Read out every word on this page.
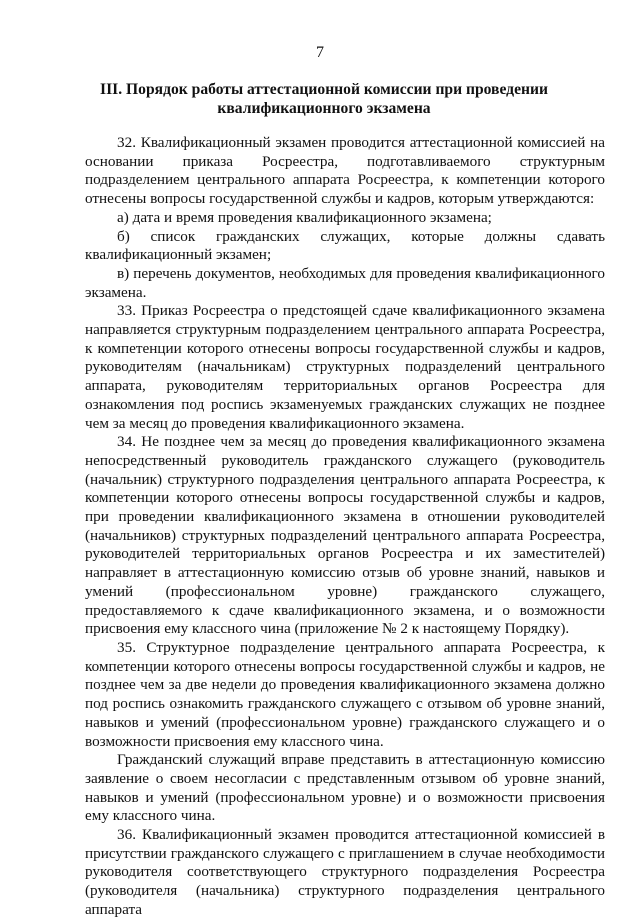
7
III. Порядок работы аттестационной комиссии при проведении
квалификационного экзамена

32. Квалификационный экзамен проводится аттестационной комиссией на основании приказа Росреестра, подготавливаемого структурным подразделением центрального аппарата Росреестра, к компетенции которого отнесены вопросы государственной службы и кадров, которым утверждаются:

а) дата и время проведения квалификационного экзамена;

б) список гражданских служащих, которые должны сдавать квалификационный экзамен;

в) перечень документов, необходимых для проведения квалификационного экзамена.

33. Приказ Росреестра о предстоящей сдаче квалификационного экзамена направляется структурным подразделением центрального аппарата Росреестра, к компетенции которого отнесены вопросы государственной службы и кадров, руководителям (начальникам) структурных подразделений центрального аппарата, руководителям территориальных органов Росреестра для ознакомления под роспись экзаменуемых гражданских служащих не позднее чем за месяц до проведения квалификационного экзамена.

34. Не позднее чем за месяц до проведения квалификационного экзамена непосредственный руководитель гражданского служащего (руководитель (начальник) структурного подразделения центрального аппарата Росреестра, к компетенции которого отнесены вопросы государственной службы и кадров, при проведении квалификационного экзамена в отношении руководителей (начальников) структурных подразделений центрального аппарата Росреестра, руководителей территориальных органов Росреестра и их заместителей) направляет в аттестационную комиссию отзыв об уровне знаний, навыков и умений (профессиональном уровне) гражданского служащего, предоставляемого к сдаче квалификационного экзамена, и о возможности присвоения ему классного чина (приложение № 2 к настоящему Порядку).

35. Структурное подразделение центрального аппарата Росреестра, к компетенции которого отнесены вопросы государственной службы и кадров, не позднее чем за две недели до проведения квалификационного экзамена должно под роспись ознакомить гражданского служащего с отзывом об уровне знаний, навыков и умений (профессиональном уровне) гражданского служащего и о возможности присвоения ему классного чина.

Гражданский служащий вправе представить в аттестационную комиссию заявление о своем несогласии с представленным отзывом об уровне знаний, навыков и умений (профессиональном уровне) и о возможности присвоения ему классного чина.

36. Квалификационный экзамен проводится аттестационной комиссией в присутствии гражданского служащего с приглашением в случае необходимости руководителя соответствующего структурного подразделения Росреестра (руководителя (начальника) структурного подразделения центрального аппарата
